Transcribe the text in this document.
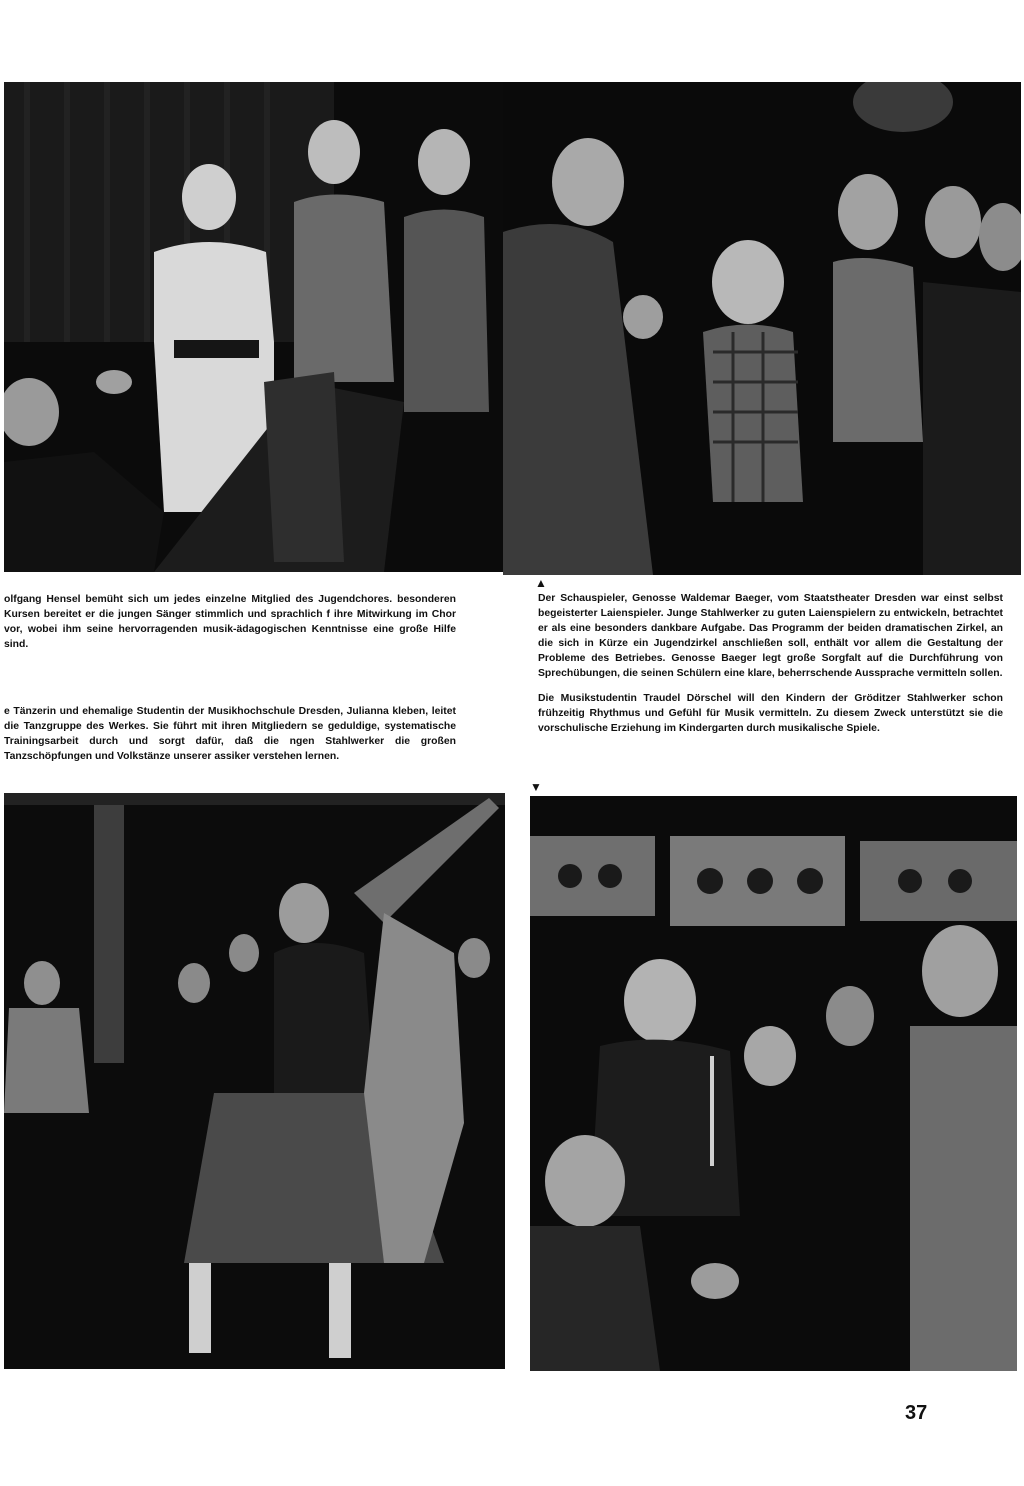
olfgang Hensel bemüht sich um jedes einzelne Mitglied des Jugendchores. besonderen Kursen bereitet er die jungen Sänger stimmlich und sprachlich f ihre Mitwirkung im Chor vor, wobei ihm seine hervorragenden musik-ädagogischen Kenntnisse eine große Hilfe sind.

e Tänzerin und ehemalige Studentin der Musikhochschule Dresden, Julianna kleben, leitet die Tanzgruppe des Werkes. Sie führt mit ihren Mitgliedern se geduldige, systematische Trainingsarbeit durch und sorgt dafür, daß die ngen Stahlwerker die großen Tanzschöpfungen und Volkstänze unserer assiker verstehen lernen.

▲

Der Schauspieler, Genosse Waldemar Baeger, vom Staatstheater Dresden war einst selbst begeisterter Laienspieler. Junge Stahlwerker zu guten Laienspielern zu entwickeln, betrachtet er als eine besonders dankbare Aufgabe. Das Programm der beiden dramatischen Zirkel, an die sich in Kürze ein Jugendzirkel anschließen soll, enthält vor allem die Gestaltung der Probleme des Betriebes. Genosse Baeger legt große Sorgfalt auf die Durchführung von Sprechübungen, die seinen Schülern eine klare, beherrschende Aussprache vermitteln sollen.

Die Musikstudentin Traudel Dörschel will den Kindern der Gröditzer Stahlwerker schon frühzeitig Rhythmus und Gefühl für Musik vermitteln. Zu diesem Zweck unterstützt sie die vorschulische Erziehung im Kindergarten durch musikalische Spiele.

▼
37
